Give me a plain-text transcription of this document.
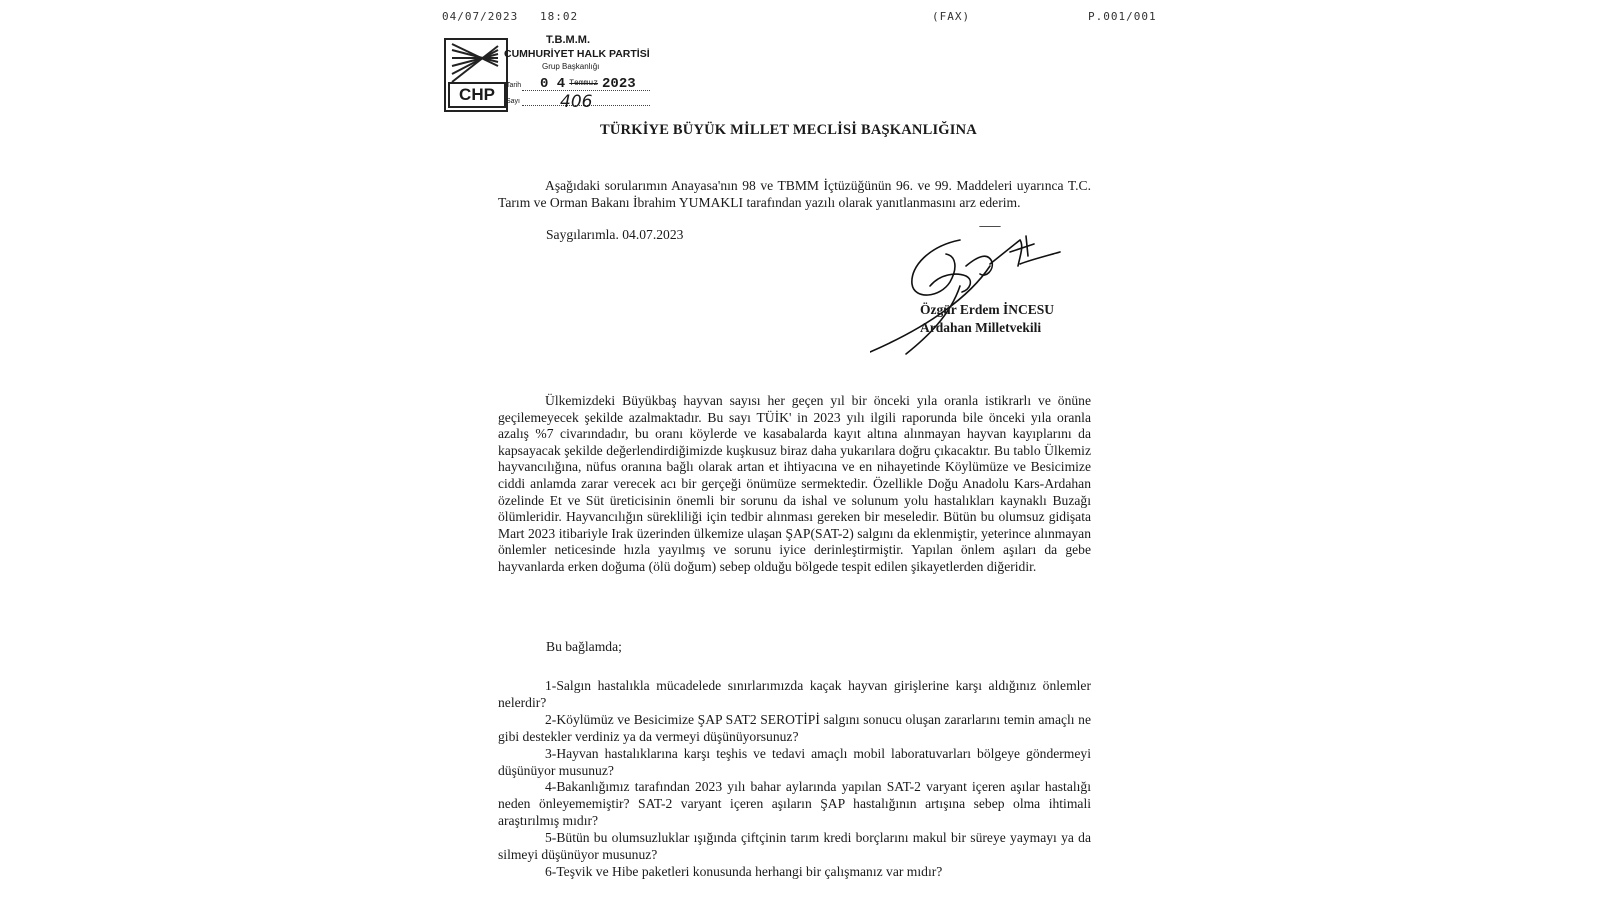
04/07/2023 18:02	(FAX)	P.001/001
CHP
T.B.M.M.
CUMHURİYET HALK PARTİSİ
Grup Başkanlığı
Tarih
Sayı
0 4 Temmuz 2023
406
TÜRKİYE BÜYÜK MİLLET MECLİSİ BAŞKANLIĞINA

Aşağıdaki sorularımın Anayasa'nın 98 ve TBMM İçtüzüğünün 96. ve 99. Maddeleri uyarınca T.C. Tarım ve Orman Bakanı İbrahim YUMAKLI tarafından yazılı olarak yanıtlanmasını arz ederim.

Saygılarımla. 04.07.2023
Özgür Erdem İNCESU
Ardahan Milletvekili

Ülkemizdeki Büyükbaş hayvan sayısı her geçen yıl bir önceki yıla oranla istikrarlı ve önüne geçilemeyecek şekilde azalmaktadır. Bu sayı TÜİK' in 2023 yılı ilgili raporunda bile önceki yıla oranla azalış %7 civarındadır, bu oranı köylerde ve kasabalarda kayıt altına alınmayan hayvan kayıplarını da kapsayacak şekilde değerlendirdiğimizde kuşkusuz biraz daha yukarılara doğru çıkacaktır. Bu tablo Ülkemiz hayvancılığına, nüfus oranına bağlı olarak artan et ihtiyacına ve en nihayetinde Köylümüze ve Besicimize ciddi anlamda zarar verecek acı bir gerçeği önümüze sermektedir. Özellikle Doğu Anadolu Kars-Ardahan özelinde Et ve Süt üreticisinin önemli bir sorunu da ishal ve solunum yolu hastalıkları kaynaklı Buzağı ölümleridir. Hayvancılığın sürekliliği için tedbir alınması gereken bir meseledir. Bütün bu olumsuz gidişata Mart 2023 itibariyle Irak üzerinden ülkemize ulaşan ŞAP(SAT-2) salgını da eklenmiştir, yeterince alınmayan önlemler neticesinde hızla yayılmış ve sorunu iyice derinleştirmiştir. Yapılan önlem aşıları da gebe hayvanlarda erken doğuma (ölü doğum) sebep olduğu bölgede tespit edilen şikayetlerden diğeridir.

Bu bağlamda;

1-Salgın hastalıkla mücadelede sınırlarımızda kaçak hayvan girişlerine karşı aldığınız önlemler nelerdir?

2-Köylümüz ve Besicimize ŞAP SAT2 SEROTİPİ salgını sonucu oluşan zararlarını temin amaçlı ne gibi destekler verdiniz ya da vermeyi düşünüyorsunuz?

3-Hayvan hastalıklarına karşı teşhis ve tedavi amaçlı mobil laboratuvarları bölgeye göndermeyi düşünüyor musunuz?

4-Bakanlığımız tarafından 2023 yılı bahar aylarında yapılan SAT-2 varyant içeren aşılar hastalığı neden önleyememiştir? SAT-2 varyant içeren aşıların ŞAP hastalığının artışına sebep olma ihtimali araştırılmış mıdır?

5-Bütün bu olumsuzluklar ışığında çiftçinin tarım kredi borçlarını makul bir süreye yaymayı ya da silmeyi düşünüyor musunuz?

6-Teşvik ve Hibe paketleri konusunda herhangi bir çalışmanız var mıdır?
